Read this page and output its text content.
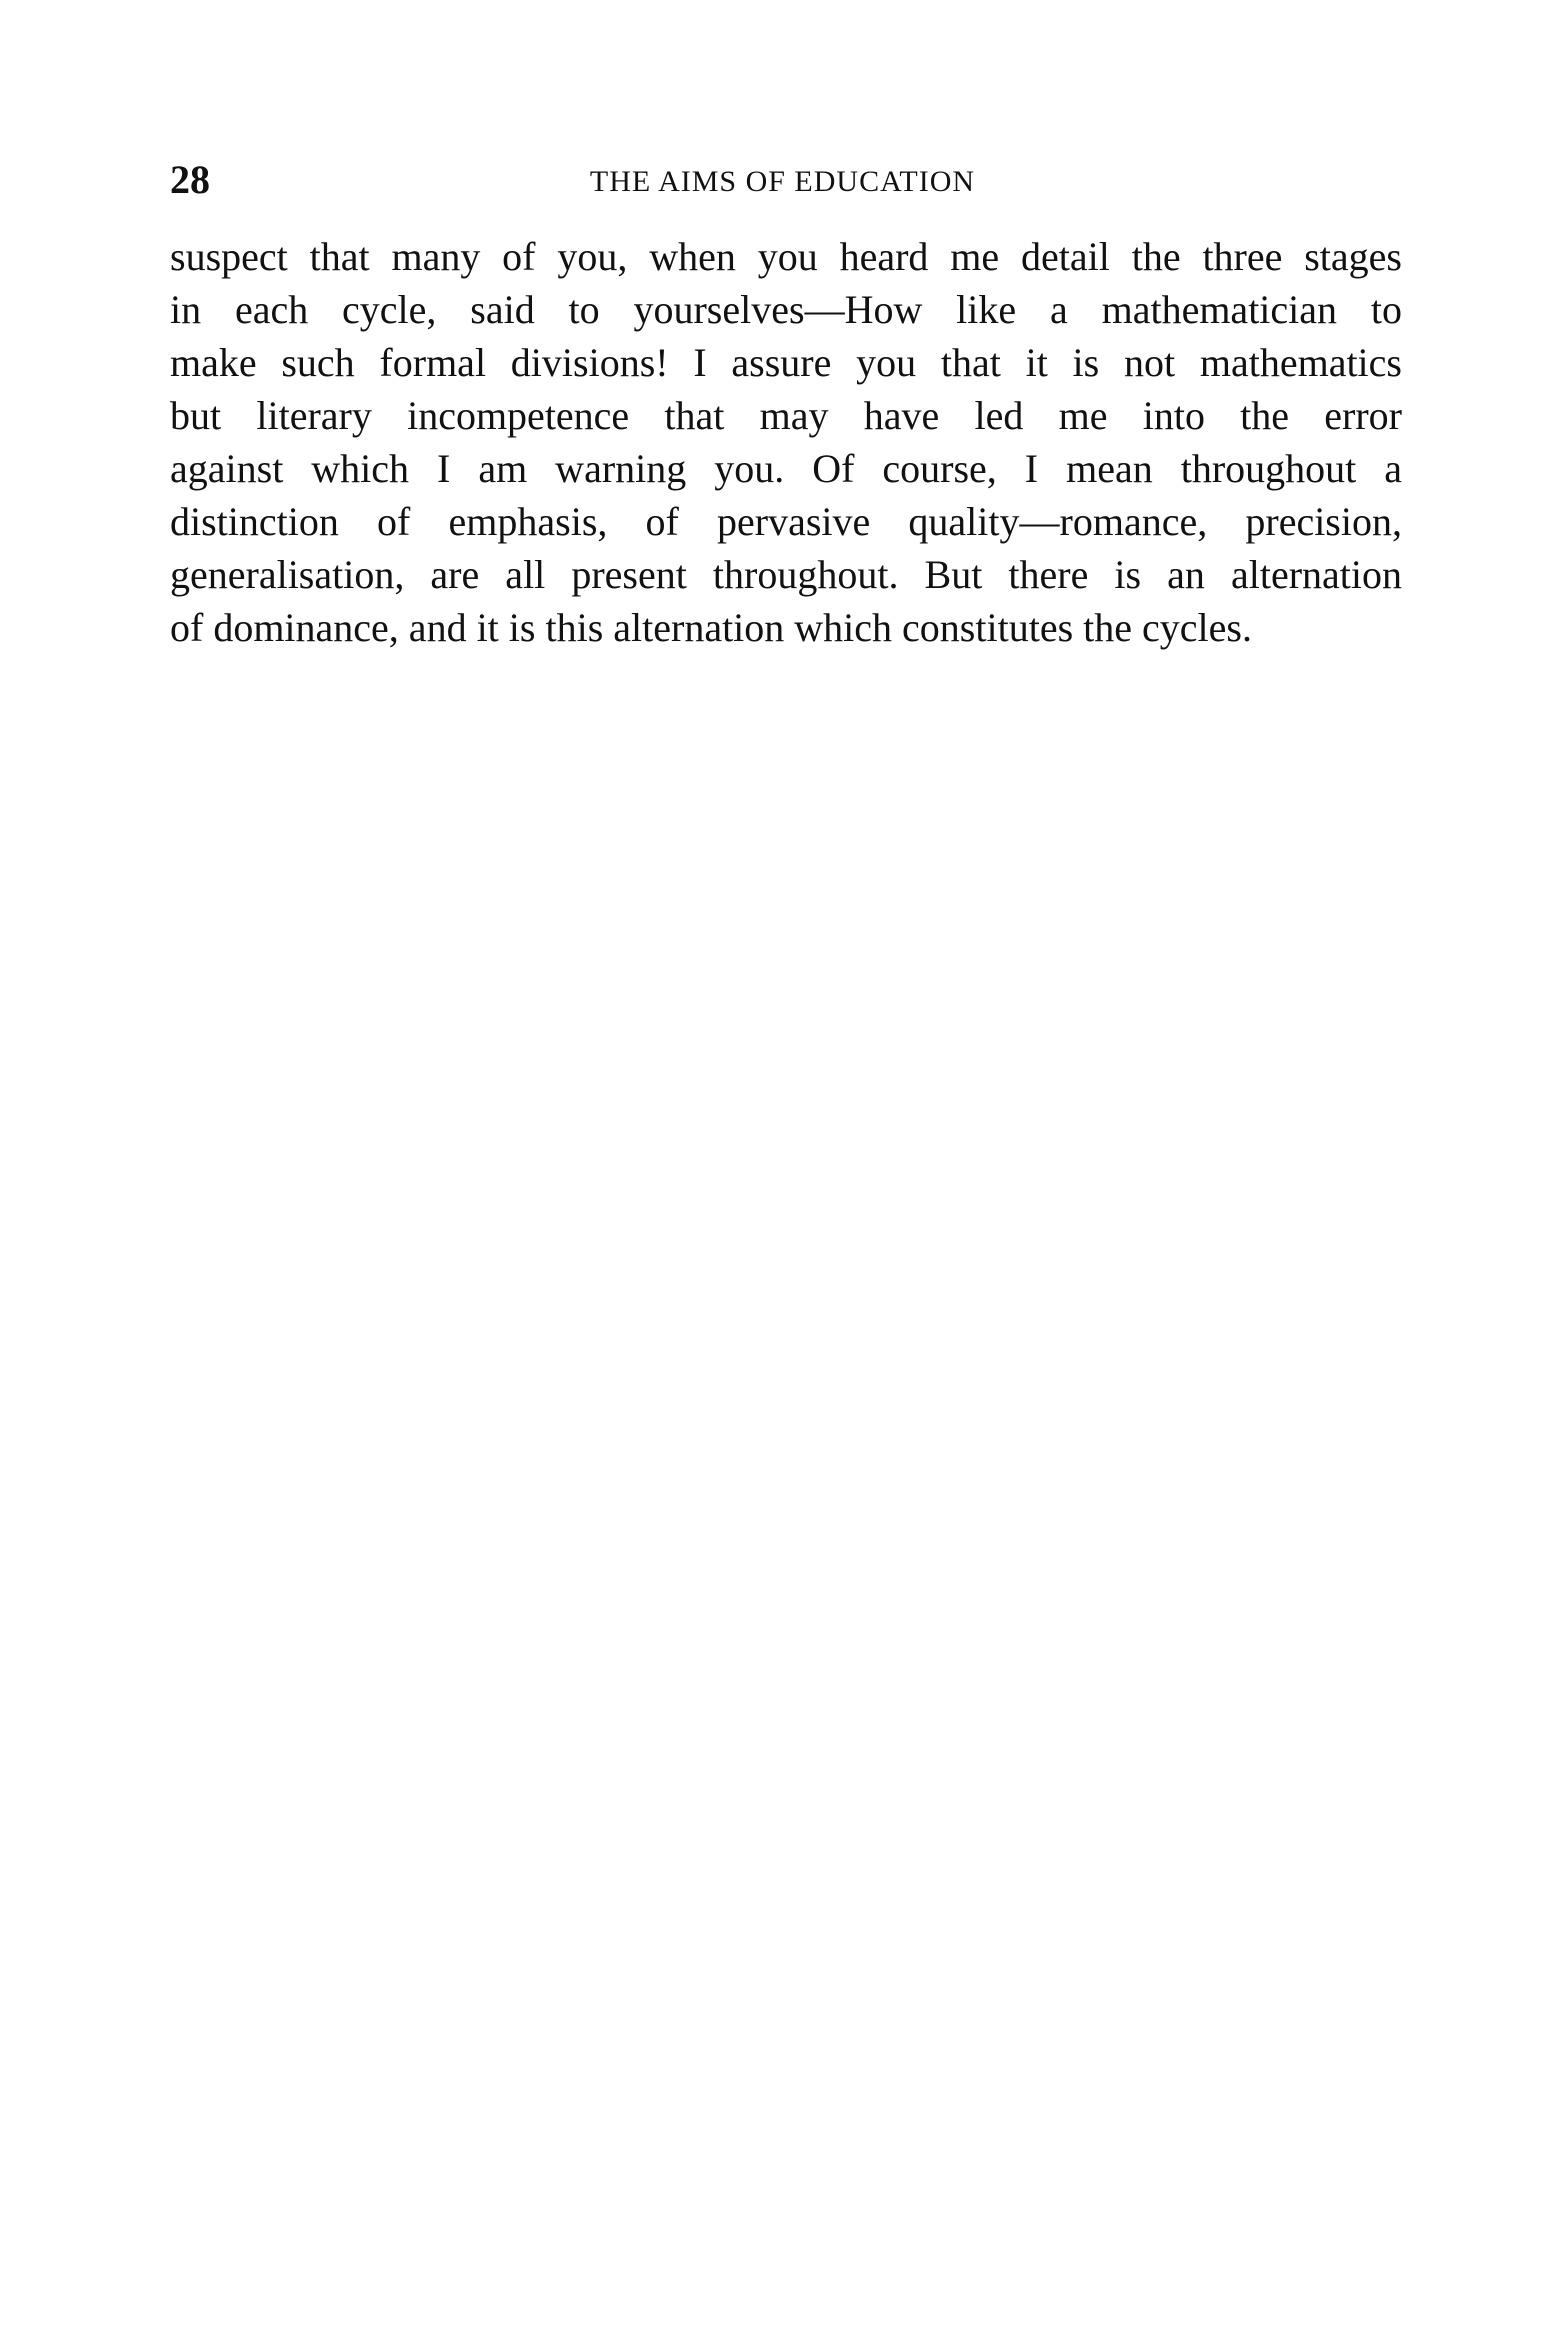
28	THE AIMS OF EDUCATION

suspect that many of you, when you heard me detail the three stages
in each cycle, said to yourselves—How like a mathematician to
make such formal divisions! I assure you that it is not mathematics
but literary incompetence that may have led me into the error
against which I am warning you. Of course, I mean throughout a
distinction of emphasis, of pervasive quality—romance, precision,
generalisation, are all present throughout. But there is an alternation
of dominance, and it is this alternation which constitutes the cycles.
